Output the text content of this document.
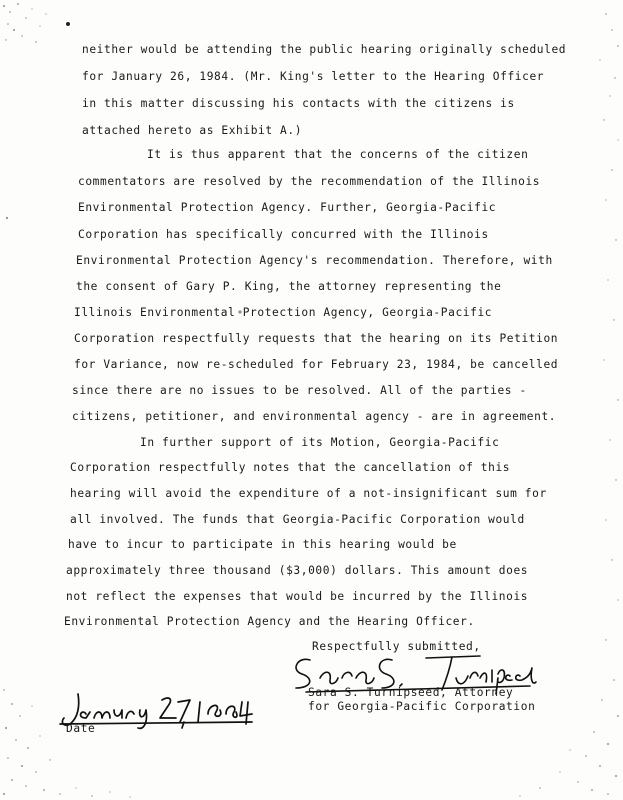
neither would be attending the public hearing originally scheduled
for January 26, 1984. (Mr. King's letter to the Hearing Officer
in this matter discussing his contacts with the citizens is
attached hereto as Exhibit A.)
It is thus apparent that the concerns of the citizen
commentators are resolved by the recommendation of the Illinois
Environmental Protection Agency. Further, Georgia-Pacific
Corporation has specifically concurred with the Illinois
Environmental Protection Agency's recommendation. Therefore, with
the consent of Gary P. King, the attorney representing the
Illinois Environmental Protection Agency, Georgia-Pacific
Corporation respectfully requests that the hearing on its Petition
for Variance, now re-scheduled for February 23, 1984, be cancelled
since there are no issues to be resolved. All of the parties -
citizens, petitioner, and environmental agency - are in agreement.
In further support of its Motion, Georgia-Pacific
Corporation respectfully notes that the cancellation of this
hearing will avoid the expenditure of a not-insignificant sum for
all involved. The funds that Georgia-Pacific Corporation would
have to incur to participate in this hearing would be
approximately three thousand ($3,000) dollars. This amount does
not reflect the expenses that would be incurred by the Illinois
Environmental Protection Agency and the Hearing Officer.
Respectfully submitted,
Sara S. Turnipseed, Attorney
for Georgia-Pacific Corporation
Date
